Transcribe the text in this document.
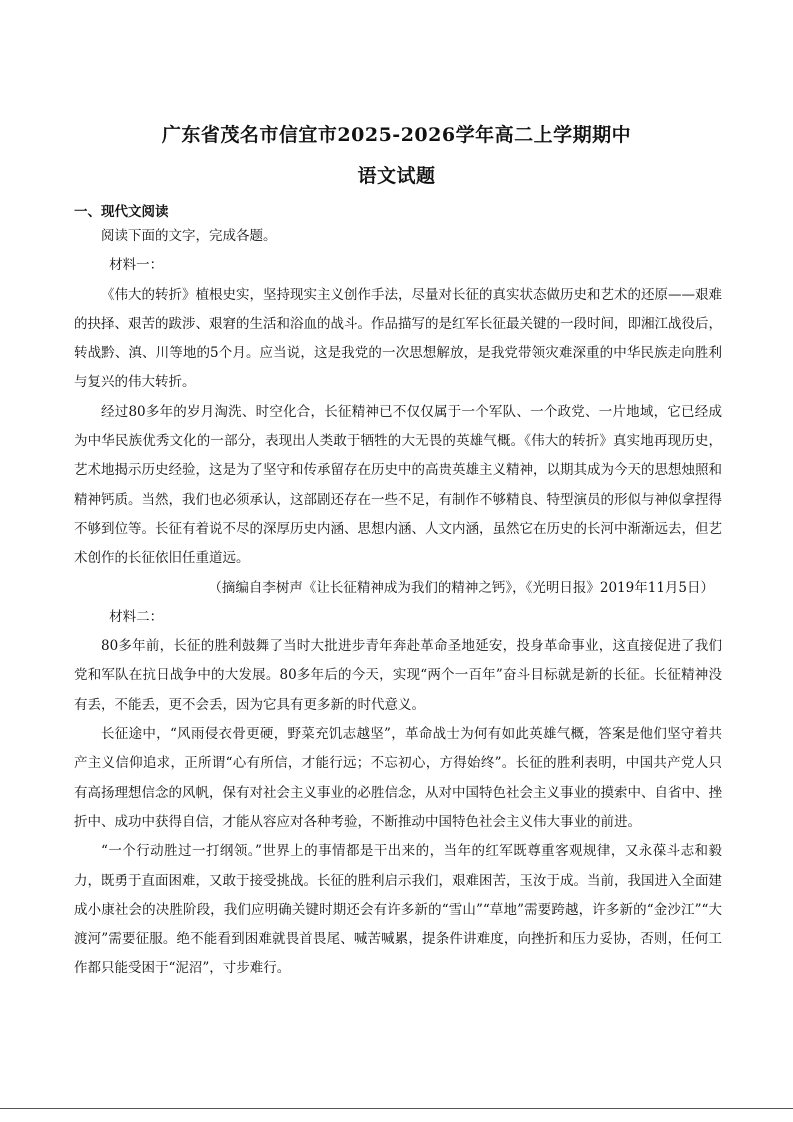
广东省茂名市信宜市2025-2026学年高二上学期期中
语文试题
一、现代文阅读

阅读下面的文字，完成各题。

材料一：

《伟大的转折》植根史实，坚持现实主义创作手法，尽量对长征的真实状态做历史和艺术的还原——艰难的抉择、艰苦的跋涉、艰窘的生活和浴血的战斗。作品描写的是红军长征最关键的一段时间，即湘江战役后，转战黔、滇、川等地的5个月。应当说，这是我党的一次思想解放，是我党带领灾难深重的中华民族走向胜利与复兴的伟大转折。

经过80多年的岁月淘洗、时空化合，长征精神已不仅仅属于一个军队、一个政党、一片地域，它已经成为中华民族优秀文化的一部分，表现出人类敢于牺牲的大无畏的英雄气概。《伟大的转折》真实地再现历史，艺术地揭示历史经验，这是为了坚守和传承留存在历史中的高贵英雄主义精神，以期其成为今天的思想烛照和精神钙质。当然，我们也必须承认，这部剧还存在一些不足，有制作不够精良、特型演员的形似与神似拿捏得不够到位等。长征有着说不尽的深厚历史内涵、思想内涵、人文内涵，虽然它在历史的长河中渐渐远去，但艺术创作的长征依旧任重道远。

（摘编自李树声《让长征精神成为我们的精神之钙》，《光明日报》2019年11月5日）

材料二：

80多年前，长征的胜利鼓舞了当时大批进步青年奔赴革命圣地延安，投身革命事业，这直接促进了我们党和军队在抗日战争中的大发展。80多年后的今天，实现“两个一百年”奋斗目标就是新的长征。长征精神没有丢，不能丢，更不会丢，因为它具有更多新的时代意义。

长征途中，“风雨侵衣骨更硬，野菜充饥志越坚”，革命战士为何有如此英雄气概，答案是他们坚守着共产主义信仰追求，正所谓“心有所信，才能行远；不忘初心，方得始终”。长征的胜利表明，中国共产党人只有高扬理想信念的风帆，保有对社会主义事业的必胜信念，从对中国特色社会主义事业的摸索中、自省中、挫折中、成功中获得自信，才能从容应对各种考验，不断推动中国特色社会主义伟大事业的前进。

“一个行动胜过一打纲领。”世界上的事情都是干出来的，当年的红军既尊重客观规律，又永葆斗志和毅力，既勇于直面困难，又敢于接受挑战。长征的胜利启示我们，艰难困苦，玉汝于成。当前，我国进入全面建成小康社会的决胜阶段，我们应明确关键时期还会有许多新的“雪山”“草地”需要跨越，许多新的“金沙江”“大渡河”需要征服。绝不能看到困难就畏首畏尾、喊苦喊累，提条件讲难度，向挫折和压力妥协，否则，任何工作都只能受困于“泥沼”，寸步难行。
